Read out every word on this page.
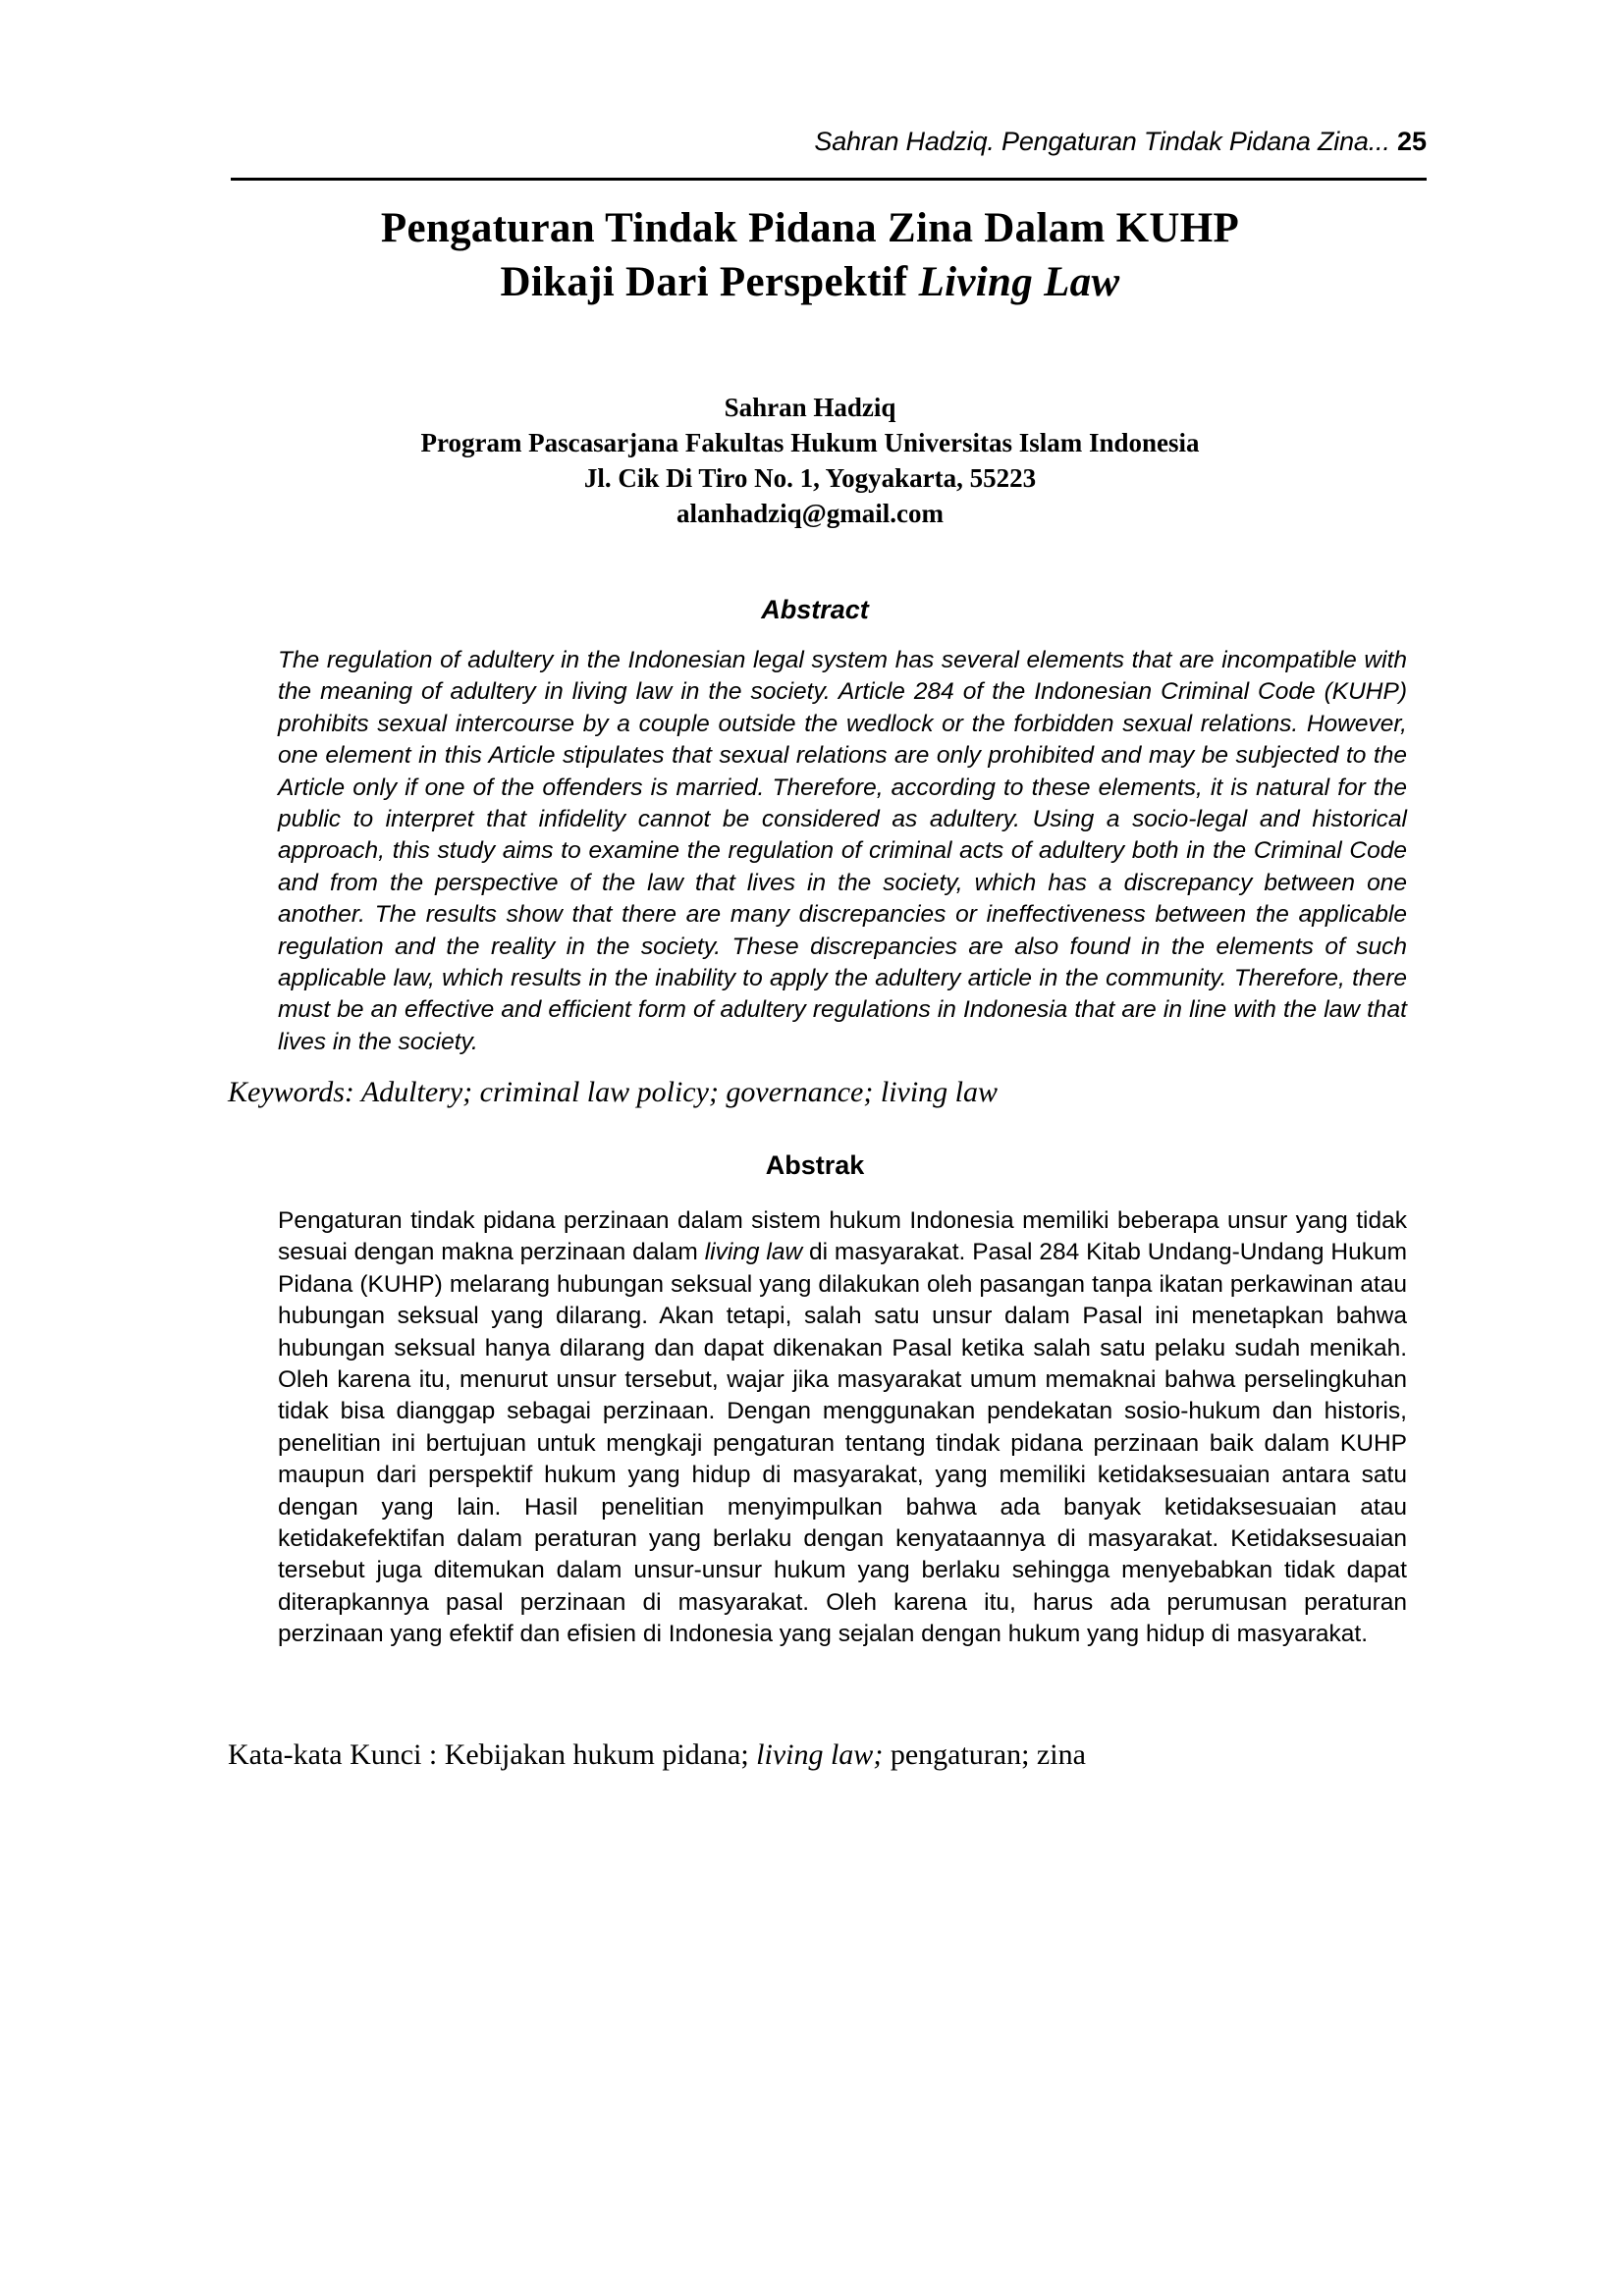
Sahran Hadziq. Pengaturan Tindak Pidana Zina... 25
Pengaturan Tindak Pidana Zina Dalam KUHP
Dikaji Dari Perspektif Living Law
Sahran Hadziq
Program Pascasarjana Fakultas Hukum Universitas Islam Indonesia
Jl. Cik Di Tiro No. 1, Yogyakarta, 55223
alanhadziq@gmail.com
Abstract
The regulation of adultery in the Indonesian legal system has several elements that are incompatible with the meaning of adultery in living law in the society. Article 284 of the Indonesian Criminal Code (KUHP) prohibits sexual intercourse by a couple outside the wedlock or the forbidden sexual relations. However, one element in this Article stipulates that sexual relations are only prohibited and may be subjected to the Article only if one of the offenders is married. Therefore, according to these elements, it is natural for the public to interpret that infidelity cannot be considered as adultery. Using a socio-legal and historical approach, this study aims to examine the regulation of criminal acts of adultery both in the Criminal Code and from the perspective of the law that lives in the society, which has a discrepancy between one another. The results show that there are many discrepancies or ineffectiveness between the applicable regulation and the reality in the society. These discrepancies are also found in the elements of such applicable law, which results in the inability to apply the adultery article in the community. Therefore, there must be an effective and efficient form of adultery regulations in Indonesia that are in line with the law that lives in the society.
Keywords: Adultery; criminal law policy; governance; living law
Abstrak
Pengaturan tindak pidana perzinaan dalam sistem hukum Indonesia memiliki beberapa unsur yang tidak sesuai dengan makna perzinaan dalam living law di masyarakat. Pasal 284 Kitab Undang-Undang Hukum Pidana (KUHP) melarang hubungan seksual yang dilakukan oleh pasangan tanpa ikatan perkawinan atau hubungan seksual yang dilarang. Akan tetapi, salah satu unsur dalam Pasal ini menetapkan bahwa hubungan seksual hanya dilarang dan dapat dikenakan Pasal ketika salah satu pelaku sudah menikah. Oleh karena itu, menurut unsur tersebut, wajar jika masyarakat umum memaknai bahwa perselingkuhan tidak bisa dianggap sebagai perzinaan. Dengan menggunakan pendekatan sosio-hukum dan historis, penelitian ini bertujuan untuk mengkaji pengaturan tentang tindak pidana perzinaan baik dalam KUHP maupun dari perspektif hukum yang hidup di masyarakat, yang memiliki ketidaksesuaian antara satu dengan yang lain. Hasil penelitian menyimpulkan bahwa ada banyak ketidaksesuaian atau ketidakefektifan dalam peraturan yang berlaku dengan kenyataannya di masyarakat. Ketidaksesuaian tersebut juga ditemukan dalam unsur-unsur hukum yang berlaku sehingga menyebabkan tidak dapat diterapkannya pasal perzinaan di masyarakat. Oleh karena itu, harus ada perumusan peraturan perzinaan yang efektif dan efisien di Indonesia yang sejalan dengan hukum yang hidup di masyarakat.
Kata-kata Kunci : Kebijakan hukum pidana; living law; pengaturan; zina
